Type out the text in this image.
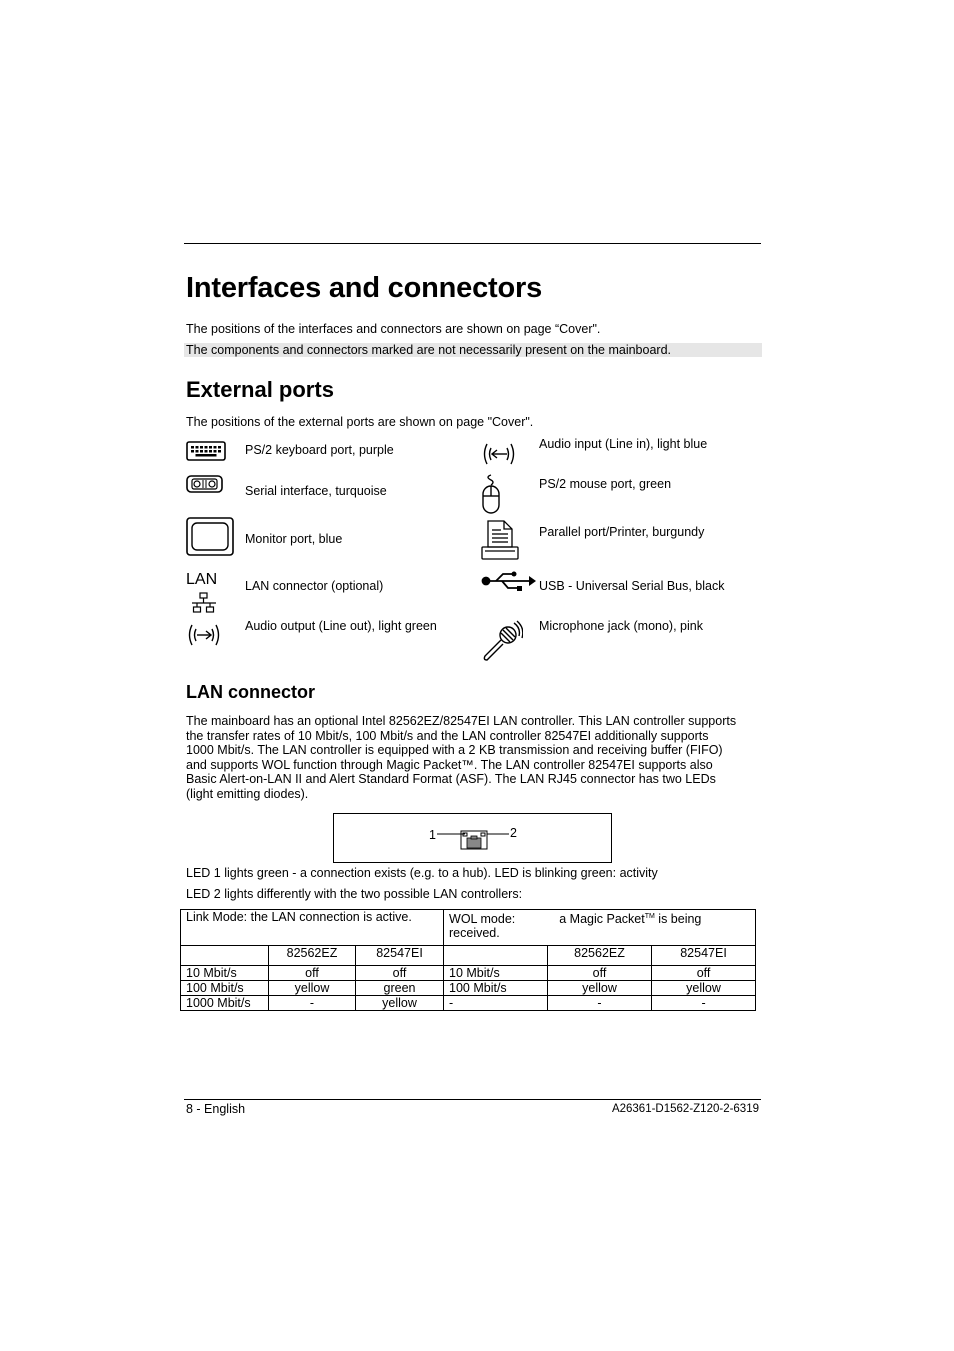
Interfaces and connectors
The positions of the interfaces and connectors are shown on page “Cover".
The components and connectors marked are not necessarily present on the mainboard.
External ports
The positions of the external ports are shown on page "Cover".
PS/2 keyboard port, purple
Serial interface, turquoise
Monitor port, blue
LAN LAN connector (optional)
Audio output (Line out), light green
Audio input (Line in), light blue
PS/2 mouse port, green
Parallel port/Printer, burgundy
USB - Universal Serial Bus, black
Microphone jack (mono), pink
LAN connector
The mainboard has an optional Intel 82562EZ/82547EI LAN controller. This LAN controller supports
the transfer rates of 10 Mbit/s, 100 Mbit/s and the LAN controller 82547EI additionally supports
1000 Mbit/s. The LAN controller is equipped with a 2 KB transmission and receiving buffer (FIFO)
and supports WOL function through Magic Packet™. The LAN controller 82547EI supports also
Basic Alert-on-LAN II and Alert Standard Format (ASF). The LAN RJ45 connector has two LEDs
(light emitting diodes).
1	2
LED 1 lights green - a connection exists (e.g. to a hub). LED is blinking green: activity
LED 2 lights differently with the two possible LAN controllers:
Link Mode: the LAN connection is active.			WOL mode: a Magic Packet™ is being
received.		
	82562EZ	82547EI		82562EZ	82547EI
10 Mbit/s	off	off	10 Mbit/s	off	off
100 Mbit/s	yellow	green	100 Mbit/s	yellow	yellow
1000 Mbit/s	-	yellow	-	-	-
8 - English	A26361-D1562-Z120-2-6319
